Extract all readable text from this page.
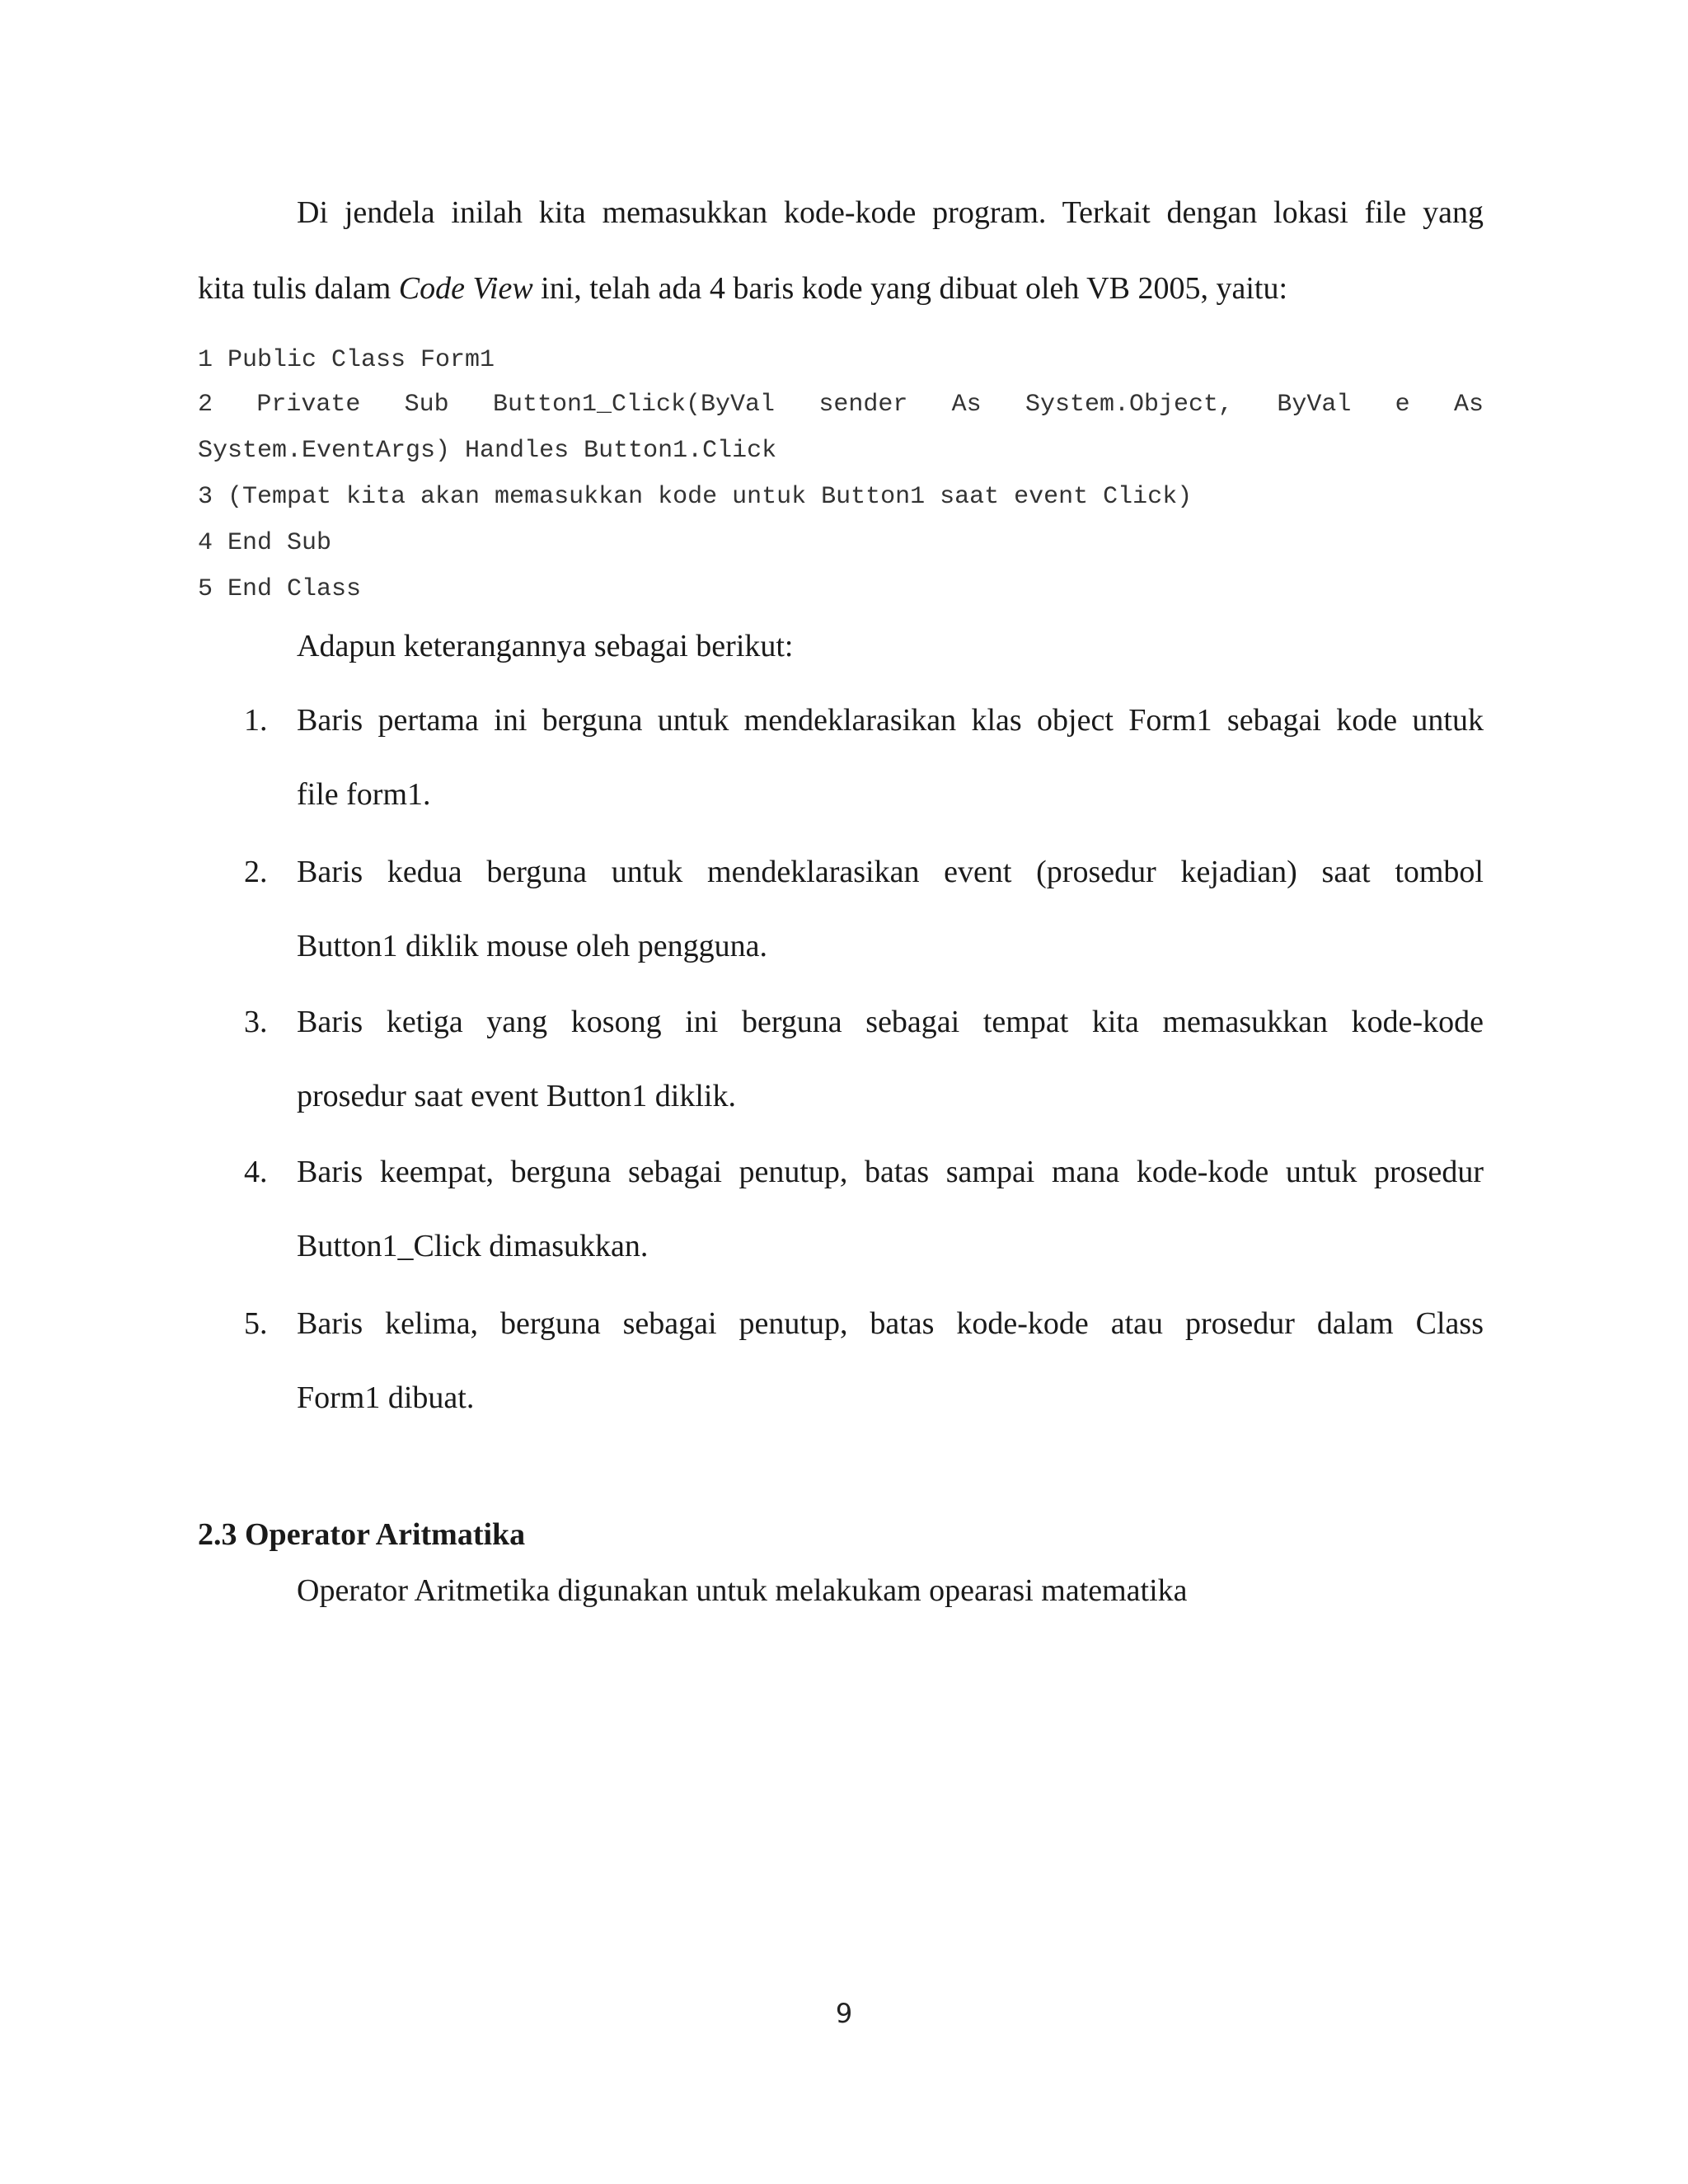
Di jendela inilah kita memasukkan kode-kode program. Terkait dengan lokasi file yang
kita tulis dalam Code View ini, telah ada 4 baris kode yang dibuat oleh VB 2005, yaitu:
1 Public Class Form1
2 Private Sub Button1_Click(ByVal sender As System.Object, ByVal e As
System.EventArgs) Handles Button1.Click
3 (Tempat kita akan memasukkan kode untuk Button1 saat event Click)
4 End Sub
5 End Class
Adapun keterangannya sebagai berikut:
1. Baris pertama ini berguna untuk mendeklarasikan klas object Form1 sebagai kode untuk
file form1.
2. Baris kedua berguna untuk mendeklarasikan event (prosedur kejadian) saat tombol
Button1 diklik mouse oleh pengguna.
3. Baris ketiga yang kosong ini berguna sebagai tempat kita memasukkan kode-kode
prosedur saat event Button1 diklik.
4. Baris keempat, berguna sebagai penutup, batas sampai mana kode-kode untuk prosedur
Button1_Click dimasukkan.
5. Baris kelima, berguna sebagai penutup, batas kode-kode atau prosedur dalam Class
Form1 dibuat.
2.3 Operator Aritmatika
Operator Aritmetika digunakan untuk melakukam opearasi matematika
9
